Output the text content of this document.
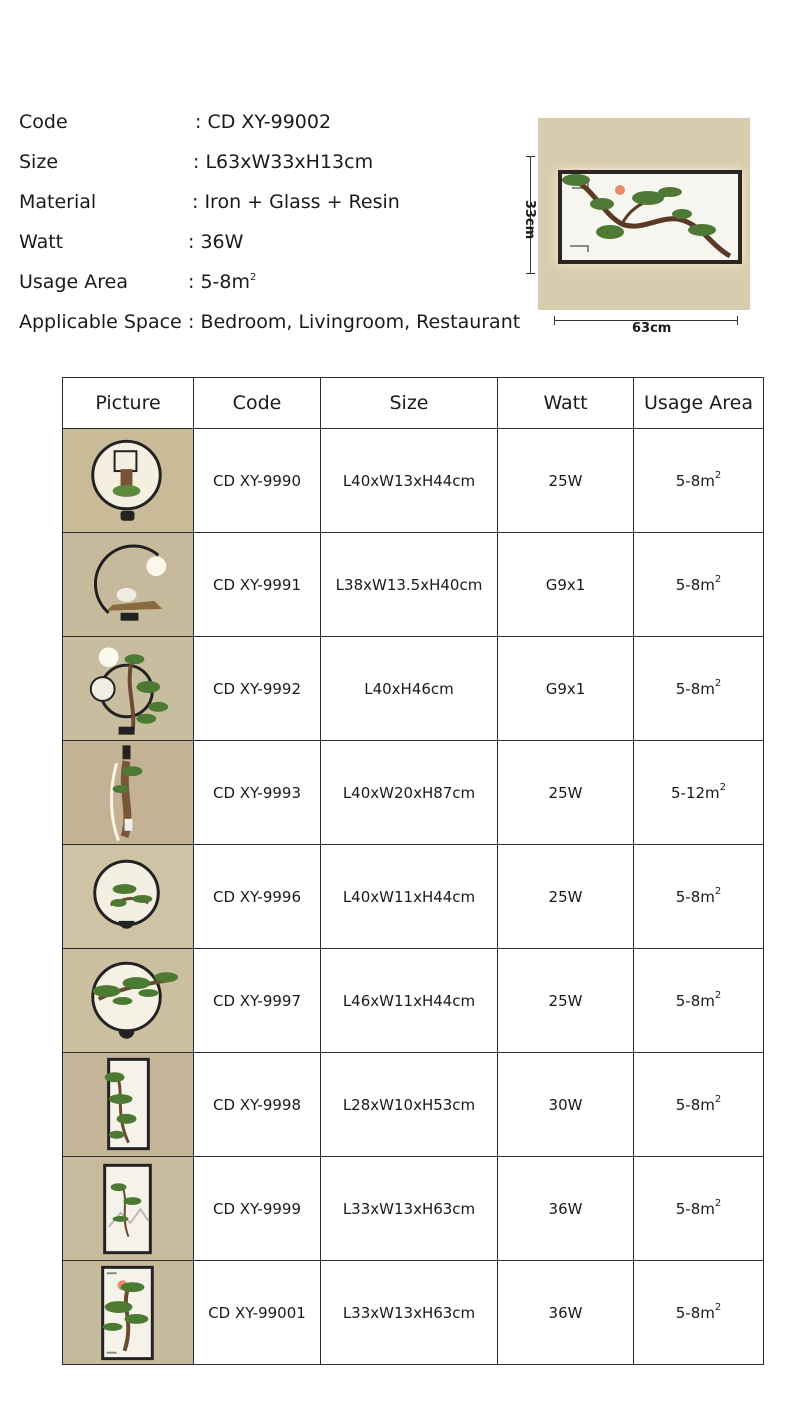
Code	: CD XY-99002
Size	: L63xW33xH13cm
Material	: Iron + Glass + Resin
Watt	: 36W
Usage Area	: $5-8m^2$
Applicable Space : Bedroom, Livingroom, Restaurant
33cm
63cm
Picture	Code	Size	Watt	Usage Area

	CD XY-9990	L40xW13xH44cm	25W	$5-8m^2$

	CD XY-9991	L38xW13.5xH40cm	G9x1	$5-8m^2$

	CD XY-9992	L40xH46cm	G9x1	$5-8m^2$

	CD XY-9993	L40xW20xH87cm	25W	$5-12m^2$

	CD XY-9996	L40xW11xH44cm	25W	$5-8m^2$

	CD XY-9997	L46xW11xH44cm	25W	$5-8m^2$

	CD XY-9998	L28xW10xH53cm	30W	$5-8m^2$

	CD XY-9999	L33xW13xH63cm	36W	$5-8m^2$

	CD XY-99001	L33xW13xH63cm	36W	$5-8m^2$
